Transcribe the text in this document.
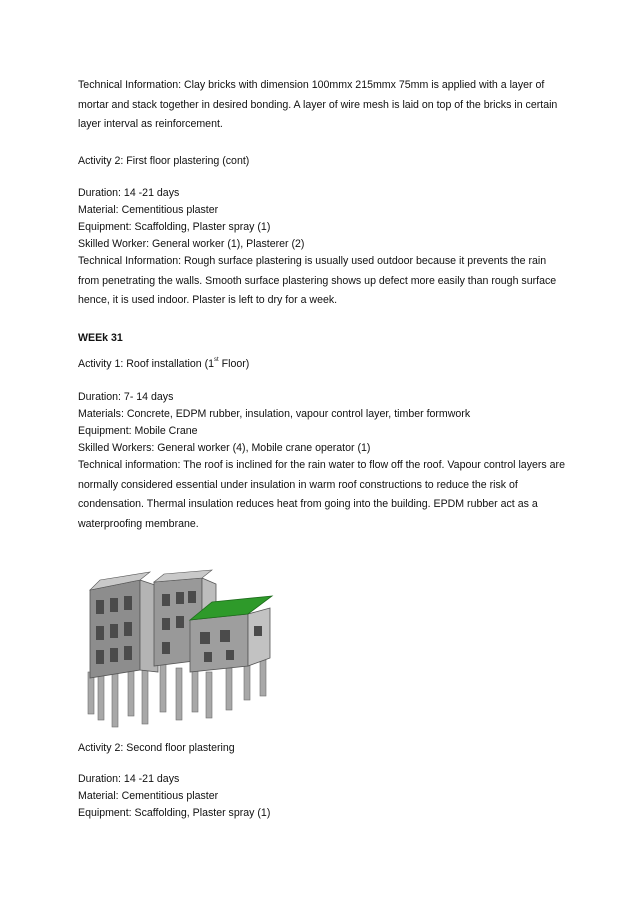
Technical Information: Clay bricks with dimension 100mmx 215mmx 75mm is applied with a layer of mortar and stack together in desired bonding. A layer of wire mesh is laid on top of the bricks in certain layer interval as reinforcement.

Activity 2: First floor plastering (cont)

Duration: 14 -21 days

Material: Cementitious plaster

Equipment: Scaffolding, Plaster spray (1)

Skilled Worker: General worker (1), Plasterer (2)

Technical Information: Rough surface plastering is usually used outdoor because it prevents the rain from penetrating the walls. Smooth surface plastering shows up defect more easily than rough surface hence, it is used indoor. Plaster is left to dry for a week.

WEEk 31

Activity 1: Roof installation (1st Floor)

Duration: 7- 14 days

Materials: Concrete, EDPM rubber, insulation, vapour control layer, timber formwork

Equipment: Mobile Crane

Skilled Workers: General worker (4), Mobile crane operator (1)

Technical information: The roof is inclined for the rain water to flow off the roof. Vapour control layers are normally considered essential under insulation in warm roof constructions to reduce the risk of condensation. Thermal insulation reduces heat from going into the building. EPDM rubber act as a waterproofing membrane.

Activity 2: Second floor plastering

Duration: 14 -21 days

Material: Cementitious plaster

Equipment: Scaffolding, Plaster spray (1)
